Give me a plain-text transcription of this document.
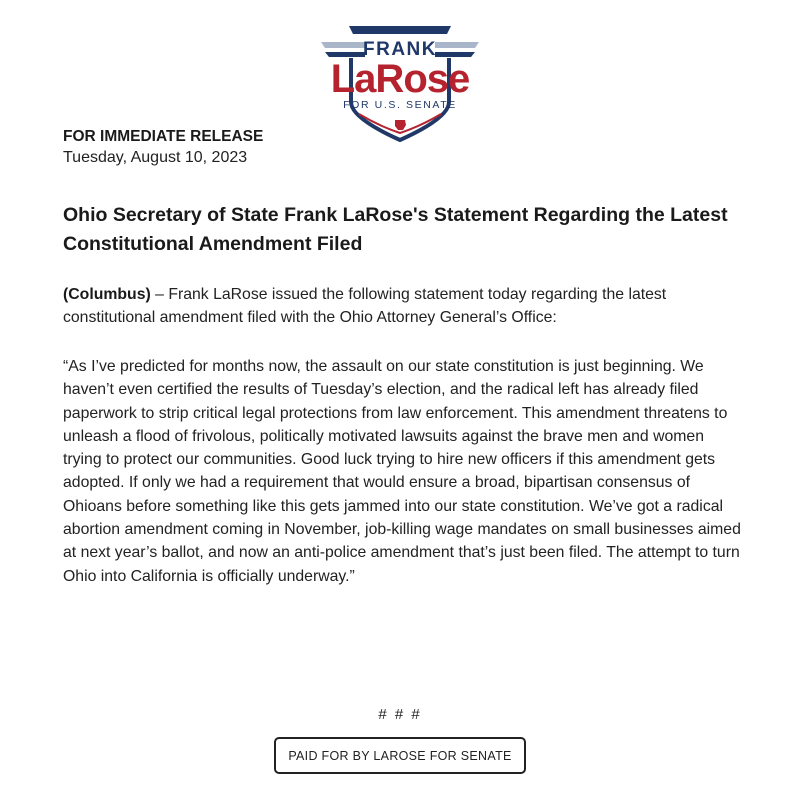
FRANK
LaRose
FOR U.S. SENATE
FOR IMMEDIATE RELEASE
Tuesday, August 10, 2023
Ohio Secretary of State Frank LaRose's Statement Regarding the Latest Constitutional Amendment Filed

(Columbus) – Frank LaRose issued the following statement today regarding the latest constitutional amendment filed with the Ohio Attorney General’s Office:

“As I’ve predicted for months now, the assault on our state constitution is just beginning. We haven’t even certified the results of Tuesday’s election, and the radical left has already filed paperwork to strip critical legal protections from law enforcement. This amendment threatens to unleash a flood of frivolous, politically motivated lawsuits against the brave men and women trying to protect our communities. Good luck trying to hire new officers if this amendment gets adopted. If only we had a requirement that would ensure a broad, bipartisan consensus of Ohioans before something like this gets jammed into our state constitution. We’ve got a radical abortion amendment coming in November, job-killing wage mandates on small businesses aimed at next year’s ballot, and now an anti-police amendment that’s just been filed. The attempt to turn Ohio into California is officially underway.”

# # #
PAID FOR BY LAROSE FOR SENATE
